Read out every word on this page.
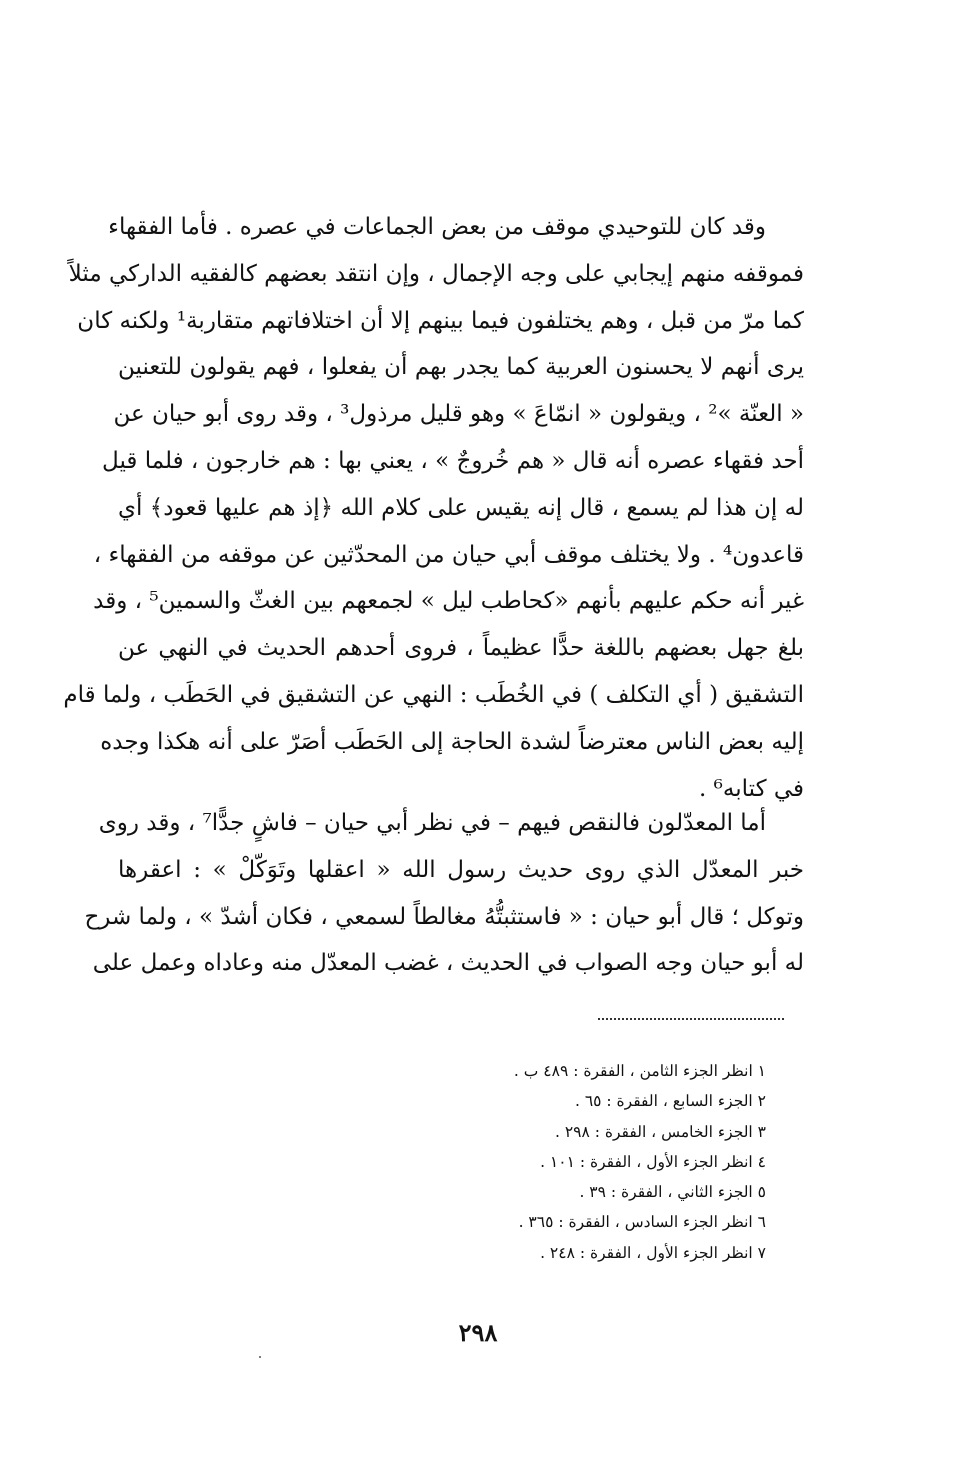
وقد كان للتوحيدي موقف من بعض الجماعات في عصره . فأما الفقهاء
فموقفه منهم إيجابي على وجه الإجمال ، وإن انتقد بعضهم كالفقيه الداركي مثلاً
كما مرّ من قبل ، وهم يختلفون فيما بينهم إلا أن اختلافاتهم متقاربة¹ ولكنه كان
يرى أنهم لا يحسنون العربية كما يجدر بهم أن يفعلوا ، فهم يقولون للتعنين
« العنّة »² ، ويقولون « انمّاعَ » وهو قليل مرذول³ ، وقد روى أبو حيان عن
أحد فقهاء عصره أنه قال « هم خُروجٌ » ، يعني بها : هم خارجون ، فلما قيل
له إن هذا لم يسمع ، قال إنه يقيس على كلام الله ﴿إذ هم عليها قعود﴾ أي
قاعدون⁴ . ولا يختلف موقف أبي حيان من المحدّثين عن موقفه من الفقهاء ،
غير أنه حكم عليهم بأنهم «كحاطب ليل » لجمعهم بين الغثّ والسمين⁵ ، وقد
بلغ جهل بعضهم باللغة حدًّا عظيماً ، فروى أحدهم الحديث في النهي عن
التشقيق ( أي التكلف ) في الخُطَب : النهي عن التشقيق في الحَطَب ، ولما قام
إليه بعض الناس معترضاً لشدة الحاجة إلى الحَطَب أصَرّ على أنه هكذا وجده
في كتابه⁶ .
أما المعدّلون فالنقص فيهم – في نظر أبي حيان – فاشٍ جدًّا⁷ ، وقد روى
خبر المعدّل الذي روى حديث رسول الله « اعقلها وتَوَكّلْ » : اعقرها
وتوكل ؛ قال أبو حيان : « فاستثبتُّهُ مغالطاً لسمعي ، فكان أشدّ » ، ولما شرح
له أبو حيان وجه الصواب في الحديث ، غضب المعدّل منه وعاداه وعمل على
١ انظر الجزء الثامن ، الفقرة : ٤٨٩ ب .
٢ الجزء السابع ، الفقرة : ٦٥ .
٣ الجزء الخامس ، الفقرة : ٢٩٨ .
٤ انظر الجزء الأول ، الفقرة : ١٠١ .
٥ الجزء الثاني ، الفقرة : ٣٩ .
٦ انظر الجزء السادس ، الفقرة : ٣٦٥ .
٧ انظر الجزء الأول ، الفقرة : ٢٤٨ .
٢٩٨
